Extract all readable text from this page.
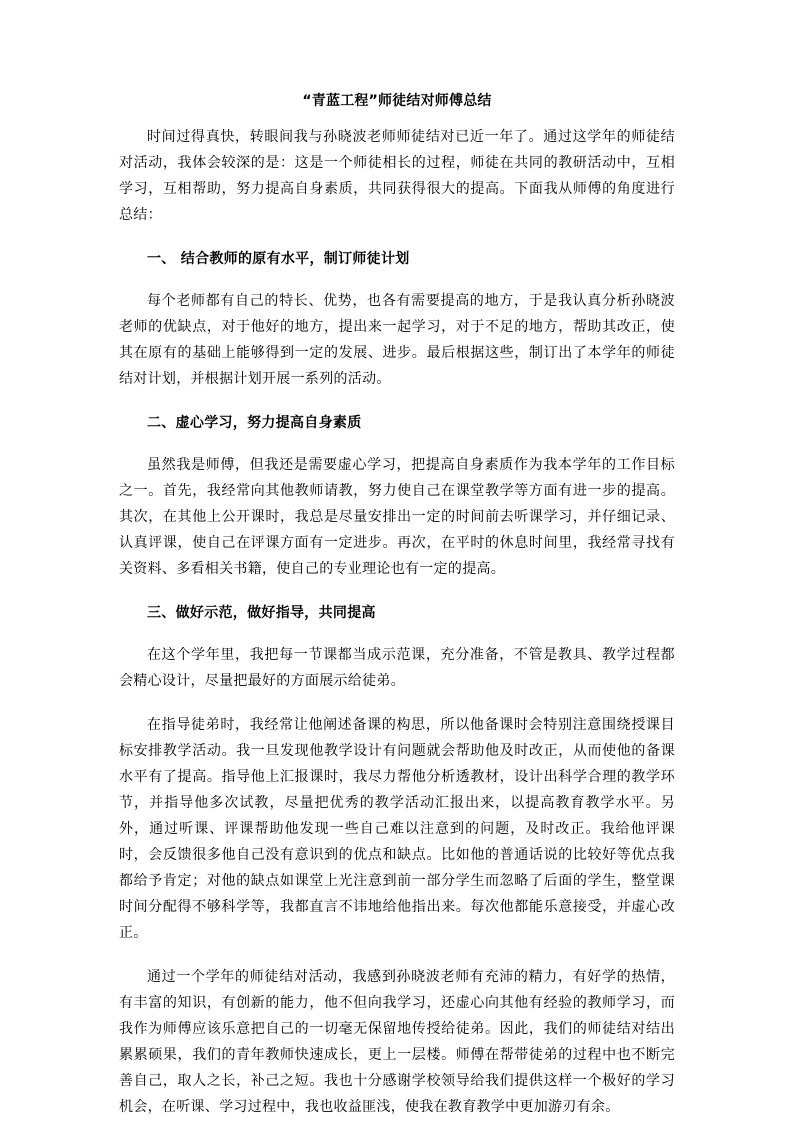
“青蓝工程”师徒结对师傅总结

时间过得真快，转眼间我与孙晓波老师师徒结对已近一年了。通过这学年的师徒结对活动，我体会较深的是：这是一个师徒相长的过程，师徒在共同的教研活动中，互相学习，互相帮助，努力提高自身素质，共同获得很大的提高。下面我从师傅的角度进行总结：

一、 结合教师的原有水平，制订师徒计划

每个老师都有自己的特长、优势，也各有需要提高的地方，于是我认真分析孙晓波老师的优缺点，对于他好的地方，提出来一起学习，对于不足的地方，帮助其改正，使其在原有的基础上能够得到一定的发展、进步。最后根据这些，制订出了本学年的师徒结对计划，并根据计划开展一系列的活动。

二、虚心学习，努力提高自身素质

虽然我是师傅，但我还是需要虚心学习，把提高自身素质作为我本学年的工作目标之一。首先，我经常向其他教师请教，努力使自己在课堂教学等方面有进一步的提高。其次，在其他上公开课时，我总是尽量安排出一定的时间前去听课学习，并仔细记录、认真评课，使自己在评课方面有一定进步。再次，在平时的休息时间里，我经常寻找有关资料、多看相关书籍，使自己的专业理论也有一定的提高。

三、做好示范，做好指导，共同提高

在这个学年里，我把每一节课都当成示范课，充分准备，不管是教具、教学过程都会精心设计，尽量把最好的方面展示给徒弟。

在指导徒弟时，我经常让他阐述备课的构思，所以他备课时会特别注意围绕授课目标安排教学活动。我一旦发现他教学设计有问题就会帮助他及时改正，从而使他的备课水平有了提高。指导他上汇报课时，我尽力帮他分析透教材，设计出科学合理的教学环节，并指导他多次试教，尽量把优秀的教学活动汇报出来，以提高教育教学水平。另外，通过听课、评课帮助他发现一些自己难以注意到的问题，及时改正。我给他评课时，会反馈很多他自己没有意识到的优点和缺点。比如他的普通话说的比较好等优点我都给予肯定；对他的缺点如课堂上光注意到前一部分学生而忽略了后面的学生，整堂课时间分配得不够科学等，我都直言不讳地给他指出来。每次他都能乐意接受，并虚心改正。

通过一个学年的师徒结对活动，我感到孙晓波老师有充沛的精力，有好学的热情，有丰富的知识，有创新的能力，他不但向我学习，还虚心向其他有经验的教师学习，而我作为师傅应该乐意把自己的一切毫无保留地传授给徒弟。因此，我们的师徒结对结出累累硕果，我们的青年教师快速成长，更上一层楼。师傅在帮带徒弟的过程中也不断完善自己，取人之长，补己之短。我也十分感谢学校领导给我们提供这样一个极好的学习机会，在听课、学习过程中，我也收益匪浅，使我在教育教学中更加游刃有余。
